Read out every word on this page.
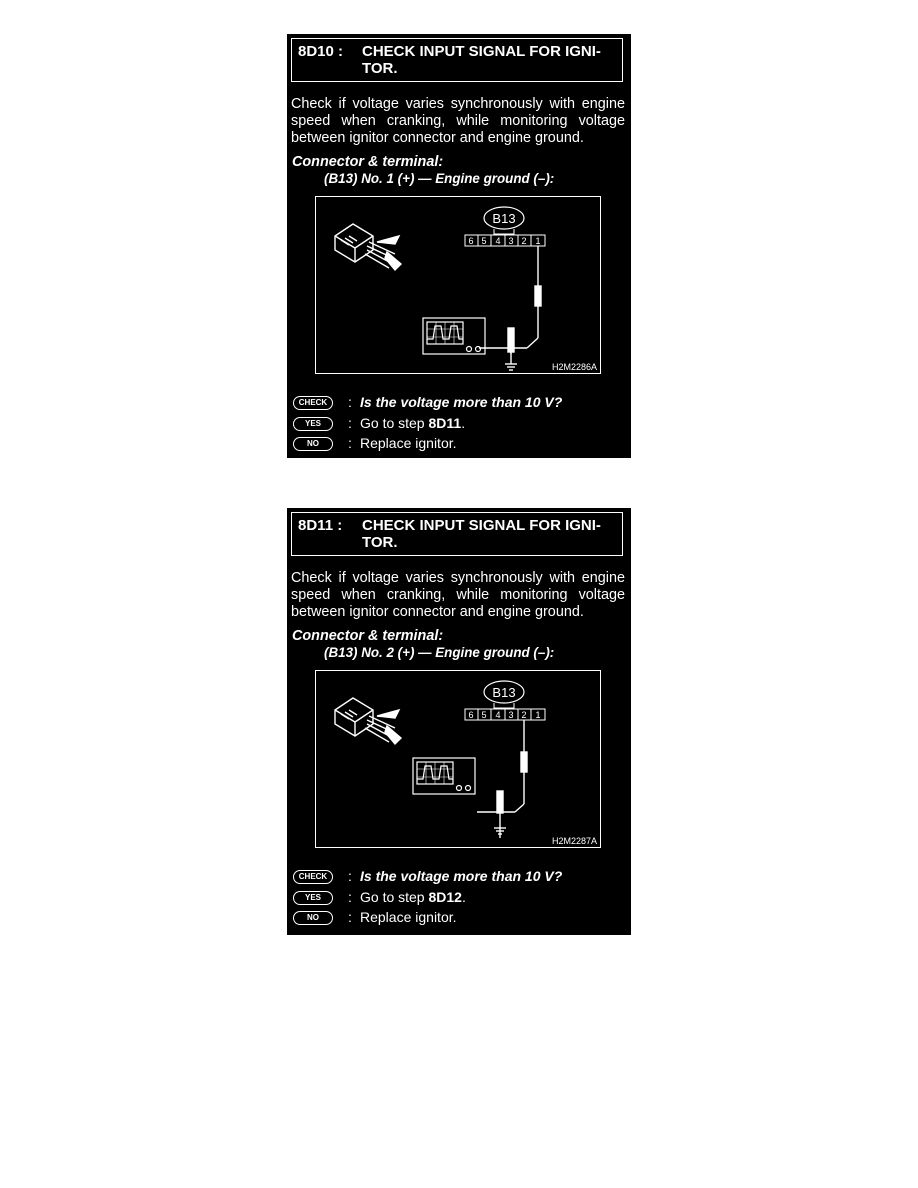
8D10 : CHECK INPUT SIGNAL FOR IGNI-TOR.
Check if voltage varies synchronously with engine speed when cranking, while monitoring voltage between ignitor connector and engine ground.
Connector & terminal:
(B13) No. 1 (+) — Engine ground (–):
B13
6 5 4 3 2 1
H2M2286A
CHECK	: Is the voltage more than 10 V?
YES	: Go to step 8D11.
NO	: Replace ignitor.
8D11 : CHECK INPUT SIGNAL FOR IGNI-TOR.
Check if voltage varies synchronously with engine speed when cranking, while monitoring voltage between ignitor connector and engine ground.
Connector & terminal:
(B13) No. 2 (+) — Engine ground (–):
B13
6 5 4 3 2 1
H2M2287A
CHECK	: Is the voltage more than 10 V?
YES	: Go to step 8D12.
NO	: Replace ignitor.
